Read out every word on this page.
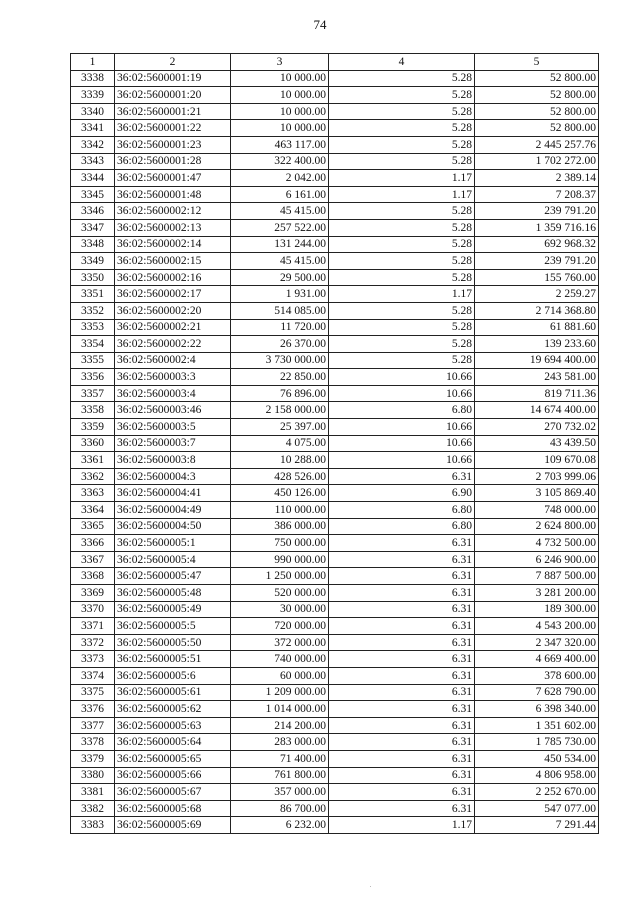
74
1	2	3	4	5
3338	36:02:5600001:19	10 000.00	5.28	52 800.00
3339	36:02:5600001:20	10 000.00	5.28	52 800.00
3340	36:02:5600001:21	10 000.00	5.28	52 800.00
3341	36:02:5600001:22	10 000.00	5.28	52 800.00
3342	36:02:5600001:23	463 117.00	5.28	2 445 257.76
3343	36:02:5600001:28	322 400.00	5.28	1 702 272.00
3344	36:02:5600001:47	2 042.00	1.17	2 389.14
3345	36:02:5600001:48	6 161.00	1.17	7 208.37
3346	36:02:5600002:12	45 415.00	5.28	239 791.20
3347	36:02:5600002:13	257 522.00	5.28	1 359 716.16
3348	36:02:5600002:14	131 244.00	5.28	692 968.32
3349	36:02:5600002:15	45 415.00	5.28	239 791.20
3350	36:02:5600002:16	29 500.00	5.28	155 760.00
3351	36:02:5600002:17	1 931.00	1.17	2 259.27
3352	36:02:5600002:20	514 085.00	5.28	2 714 368.80
3353	36:02:5600002:21	11 720.00	5.28	61 881.60
3354	36:02:5600002:22	26 370.00	5.28	139 233.60
3355	36:02:5600002:4	3 730 000.00	5.28	19 694 400.00
3356	36:02:5600003:3	22 850.00	10.66	243 581.00
3357	36:02:5600003:4	76 896.00	10.66	819 711.36
3358	36:02:5600003:46	2 158 000.00	6.80	14 674 400.00
3359	36:02:5600003:5	25 397.00	10.66	270 732.02
3360	36:02:5600003:7	4 075.00	10.66	43 439.50
3361	36:02:5600003:8	10 288.00	10.66	109 670.08
3362	36:02:5600004:3	428 526.00	6.31	2 703 999.06
3363	36:02:5600004:41	450 126.00	6.90	3 105 869.40
3364	36:02:5600004:49	110 000.00	6.80	748 000.00
3365	36:02:5600004:50	386 000.00	6.80	2 624 800.00
3366	36:02:5600005:1	750 000.00	6.31	4 732 500.00
3367	36:02:5600005:4	990 000.00	6.31	6 246 900.00
3368	36:02:5600005:47	1 250 000.00	6.31	7 887 500.00
3369	36:02:5600005:48	520 000.00	6.31	3 281 200.00
3370	36:02:5600005:49	30 000.00	6.31	189 300.00
3371	36:02:5600005:5	720 000.00	6.31	4 543 200.00
3372	36:02:5600005:50	372 000.00	6.31	2 347 320.00
3373	36:02:5600005:51	740 000.00	6.31	4 669 400.00
3374	36:02:5600005:6	60 000.00	6.31	378 600.00
3375	36:02:5600005:61	1 209 000.00	6.31	7 628 790.00
3376	36:02:5600005:62	1 014 000.00	6.31	6 398 340.00
3377	36:02:5600005:63	214 200.00	6.31	1 351 602.00
3378	36:02:5600005:64	283 000.00	6.31	1 785 730.00
3379	36:02:5600005:65	71 400.00	6.31	450 534.00
3380	36:02:5600005:66	761 800.00	6.31	4 806 958.00
3381	36:02:5600005:67	357 000.00	6.31	2 252 670.00
3382	36:02:5600005:68	86 700.00	6.31	547 077.00
3383	36:02:5600005:69	6 232.00	1.17	7 291.44
